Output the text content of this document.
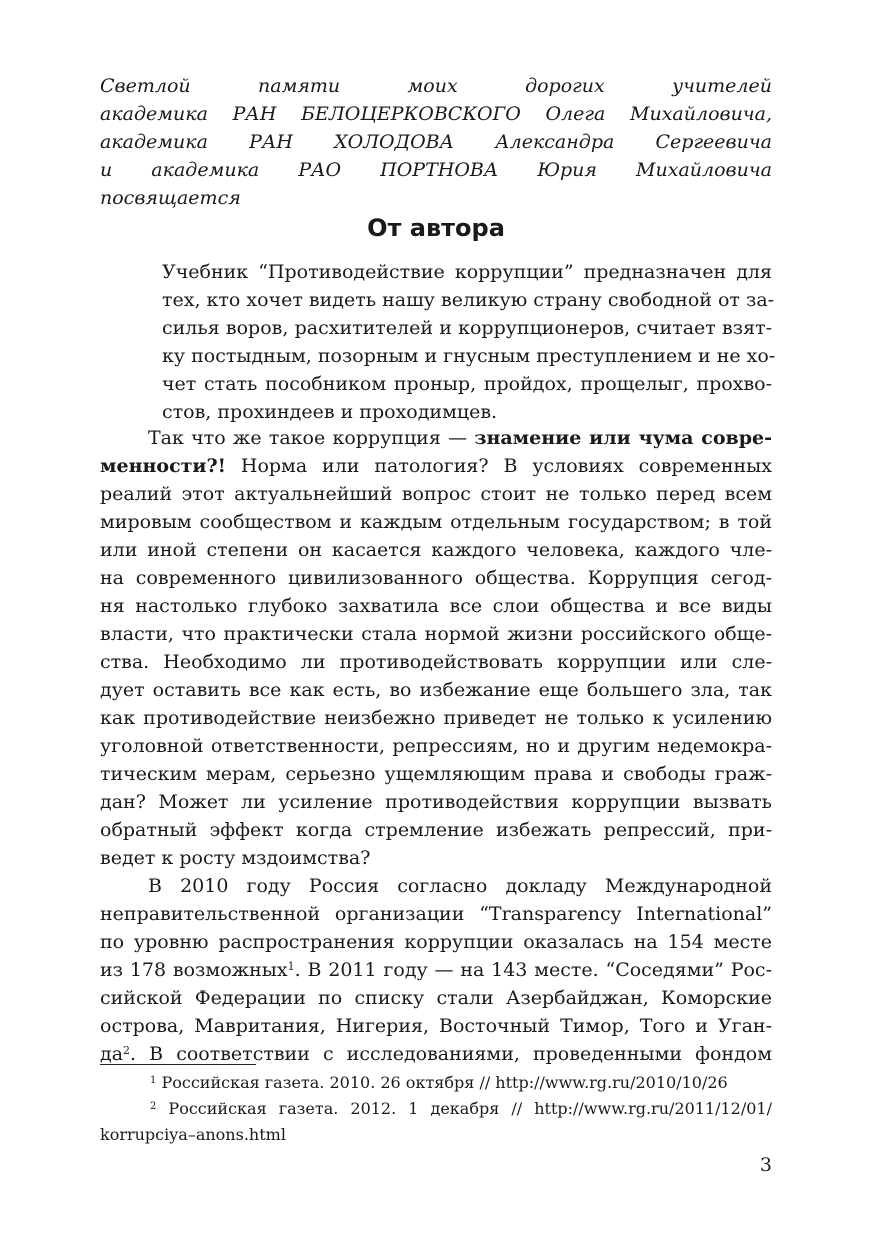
Светлой памяти моих дорогих учителей
академика РАН БЕЛОЦЕРКОВСКОГО Олега Михайловича,
академика РАН ХОЛОДОВА Александра Сергеевича
и академика РАО ПОРТНОВА Юрия Михайловича
посвящается
От автора
Учебник “Противодействие коррупции” предназначен для
тех, кто хочет видеть нашу великую страну свободной от за-
силья воров, расхитителей и коррупционеров, считает взят-
ку постыдным, позорным и гнусным преступлением и не хо-
чет стать пособником проныр, пройдох, прощелыг, прохво-
стов, прохиндеев и проходимцев.
Так что же такое коррупция — знамение или чума совре-
менности?! Норма или патология? В условиях современных
реалий этот актуальнейший вопрос стоит не только перед всем
мировым сообществом и каждым отдельным государством; в той
или иной степени он касается каждого человека, каждого чле-
на современного цивилизованного общества. Коррупция сегод-
ня настолько глубоко захватила все слои общества и все виды
власти, что практически стала нормой жизни российского обще-
ства. Необходимо ли противодействовать коррупции или сле-
дует оставить все как есть, во избежание еще большего зла, так
как противодействие неизбежно приведет не только к усилению
уголовной ответственности, репрессиям, но и другим недемокра-
тическим мерам, серьезно ущемляющим права и свободы граж-
дан? Может ли усиление противодействия коррупции вызвать
обратный эффект когда стремление избежать репрессий, при-
ведет к росту мздоимства?
В 2010 году Россия согласно докладу Международной
неправительственной организации “Transparency International”
по уровню распространения коррупции оказалась на 154 месте
из 178 возможных$^1$. В 2011 году — на 143 месте. “Соседями” Рос-
сийской Федерации по списку стали Азербайджан, Коморские
острова, Мавритания, Нигерия, Восточный Тимор, Того и Уган-
$да^2$. В соответствии с исследованиями, проведенными фондом
$^1$ Российская газета. 2010. 26 октября // http://www.rg.ru/2010/10/26
$^2$ Российская газета. 2012. 1 декабря // http://www.rg.ru/2011/12/01/
korrupciya–anons.html
3
